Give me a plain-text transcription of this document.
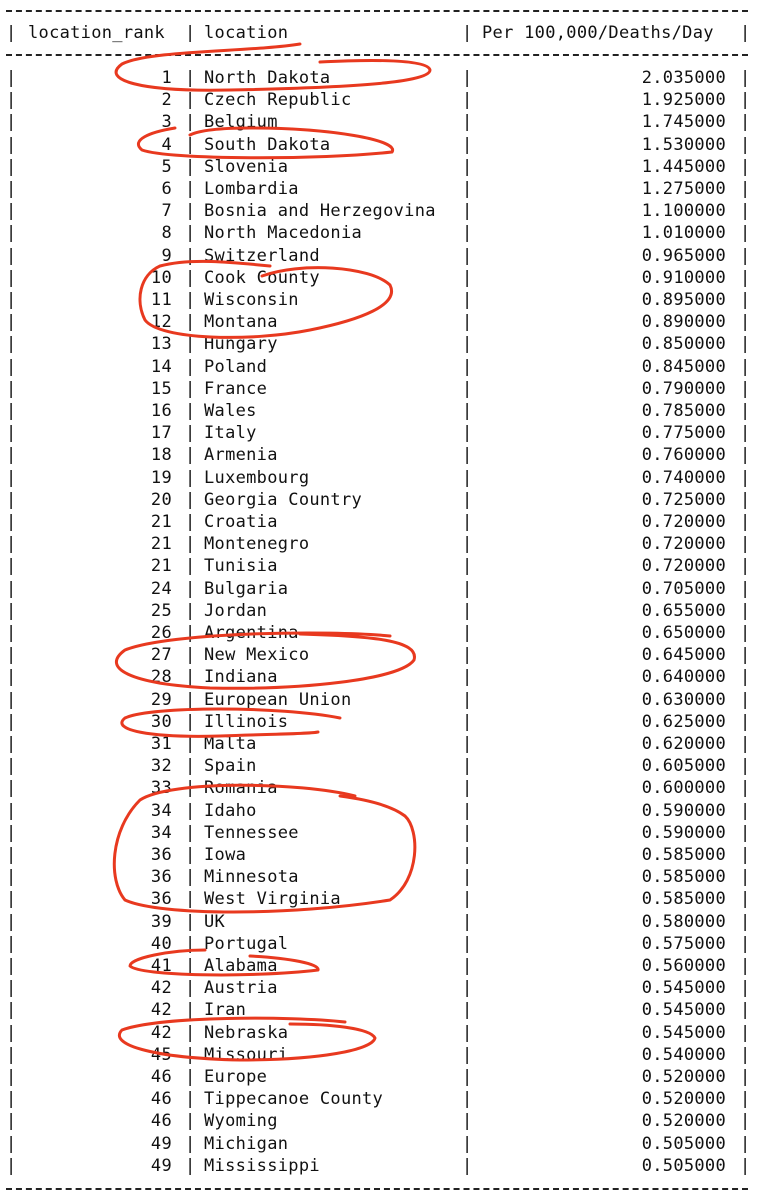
| location_rank | location	| Per 100,000/Deaths/Day |
|	1 | North Dakota	|	2.035000 |
|	2 | Czech Republic	|	1.925000 |
|	3 | Belgium	|	1.745000 |
|	4 | South Dakota	|	1.530000 |
|	5 | Slovenia	|	1.445000 |
|	6 | Lombardia	|	1.275000 |
|	7 | Bosnia and Herzegovina |	1.100000 |
|	8 | North Macedonia	|	1.010000 |
|	9 | Switzerland	|	0.965000 |
|	10 | Cook County	|	0.910000 |
|	11 | Wisconsin	|	0.895000 |
|	12 | Montana	|	0.890000 |
|	13 | Hungary	|	0.850000 |
|	14 | Poland	|	0.845000 |
|	15 | France	|	0.790000 |
|	16 | Wales	|	0.785000 |
|	17 | Italy	|	0.775000 |
|	18 | Armenia	|	0.760000 |
|	19 | Luxembourg	|	0.740000 |
|	20 | Georgia Country	|	0.725000 |
|	21 | Croatia	|	0.720000 |
|	21 | Montenegro	|	0.720000 |
|	21 | Tunisia	|	0.720000 |
|	24 | Bulgaria	|	0.705000 |
|	25 | Jordan	|	0.655000 |
|	26 | Argentina	|	0.650000 |
|	27 | New Mexico	|	0.645000 |
|	28 | Indiana	|	0.640000 |
|	29 | European Union	|	0.630000 |
|	30 | Illinois	|	0.625000 |
|	31 | Malta	|	0.620000 |
|	32 | Spain	|	0.605000 |
|	33 | Romania	|	0.600000 |
|	34 | Idaho	|	0.590000 |
|	34 | Tennessee	|	0.590000 |
|	36 | Iowa	|	0.585000 |
|	36 | Minnesota	|	0.585000 |
|	36 | West Virginia	|	0.585000 |
|	39 | UK	|	0.580000 |
|	40 | Portugal	|	0.575000 |
|	41 | Alabama	|	0.560000 |
|	42 | Austria	|	0.545000 |
|	42 | Iran	|	0.545000 |
|	42 | Nebraska	|	0.545000 |
|	45 | Missouri	|	0.540000 |
|	46 | Europe	|	0.520000 |
|	46 | Tippecanoe County	|	0.520000 |
|	46 | Wyoming	|	0.520000 |
|	49 | Michigan	|	0.505000 |
|	49 | Mississippi	|	0.505000 |
